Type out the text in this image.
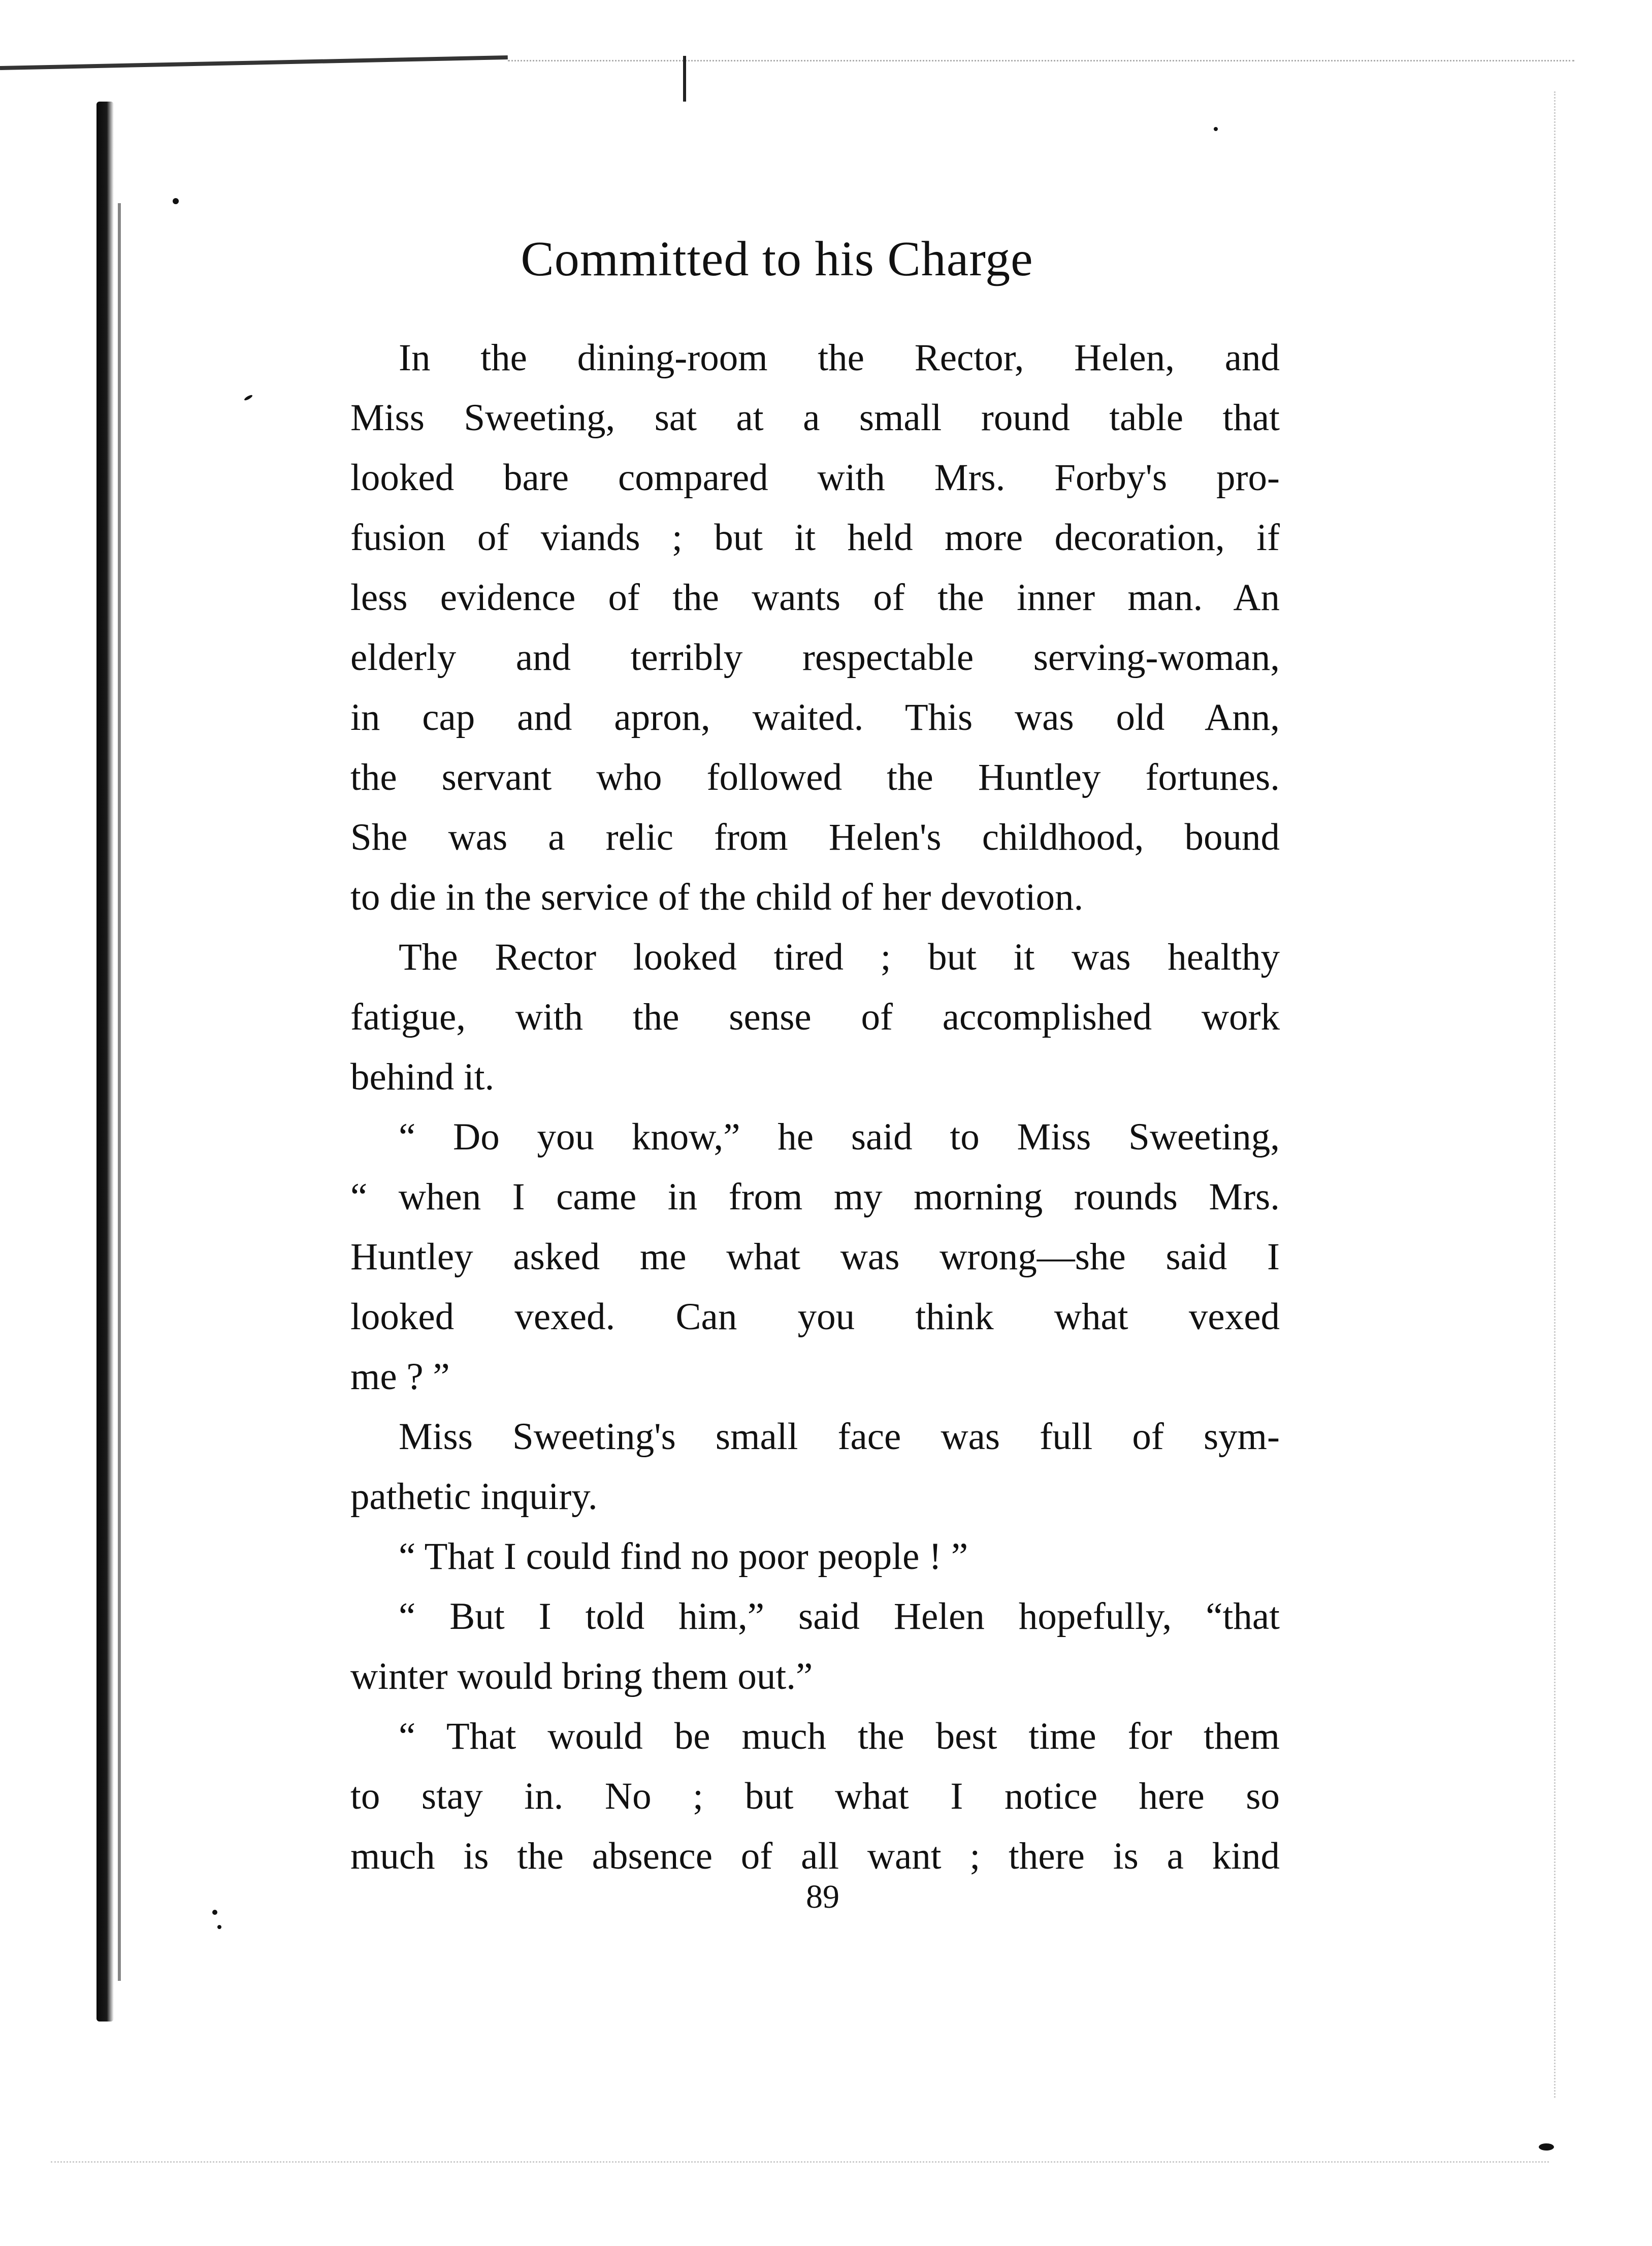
Committed to his Charge
In the dining-room the Rector, Helen, and
Miss Sweeting, sat at a small round table that
looked bare compared with Mrs. Forby's pro-
fusion of viands ; but it held more decoration, if
less evidence of the wants of the inner man. An
elderly and terribly respectable serving-woman,
in cap and apron, waited. This was old Ann,
the servant who followed the Huntley fortunes.
She was a relic from Helen's childhood, bound
to die in the service of the child of her devotion.
The Rector looked tired ; but it was healthy
fatigue, with the sense of accomplished work
behind it.
“ Do you know,” he said to Miss Sweeting,
“ when I came in from my morning rounds Mrs.
Huntley asked me what was wrong—she said I
looked vexed. Can you think what vexed
me ? ”
Miss Sweeting's small face was full of sym-
pathetic inquiry.
“ That I could find no poor people ! ”
“ But I told him,” said Helen hopefully, “that
winter would bring them out.”
“ That would be much the best time for them
to stay in. No ; but what I notice here so
much is the absence of all want ; there is a kind
89
